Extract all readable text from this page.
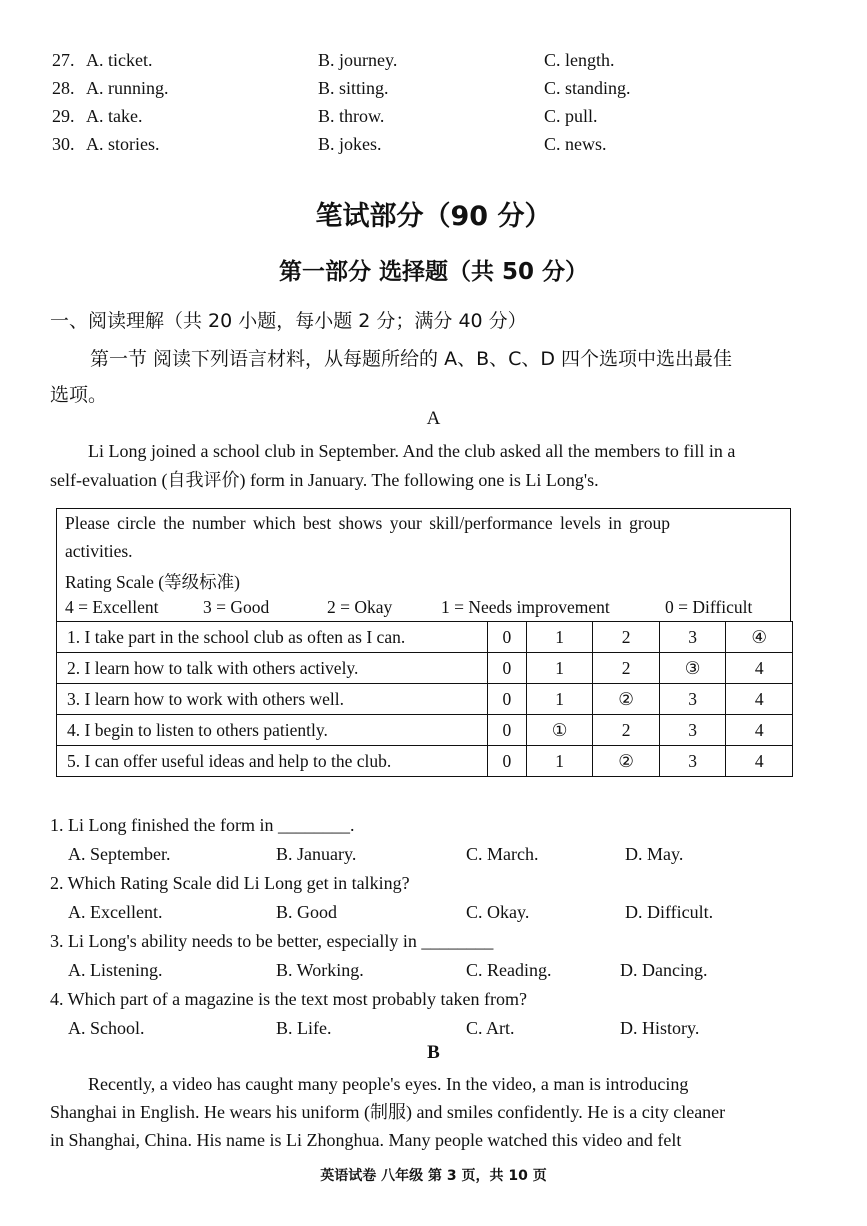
27. A. ticket.	B. journey.	C. length.
28. A. running.	B. sitting.	C. standing.
29. A. take.	B. throw.	C. pull.
30. A. stories.	B. jokes.	C. news.
笔试部分（90 分）
第一部分 选择题（共 50 分）
一、阅读理解（共 20 小题，每小题 2 分；满分 40 分）
第一节 阅读下列语言材料，从每题所给的 A、B、C、D 四个选项中选出最佳
选项。
A
Li Long joined a school club in September. And the club asked all the members to fill in a
self-evaluation (自我评价) form in January. The following one is Li Long's.
Please circle the number which best shows your skill/performance levels in group
activities.
Rating Scale (等级标准)
4 = Excellent	3 = Good	2 = Okay	1 = Needs improvement	0 = Difficult
1. I take part in the school club as often as I can.	0	1	2	3	④
2. I learn how to talk with others actively.	0	1	2	③	4
3. I learn how to work with others well.	0	1	②	3	4
4. I begin to listen to others patiently.	0	①	2	3	4
5. I can offer useful ideas and help to the club.	0	1	②	3	4
1. Li Long finished the form in ________.
A. September.	B. January.	C. March.	D. May.
2. Which Rating Scale did Li Long get in talking?
A. Excellent.	B. Good	C. Okay.	D. Difficult.
3. Li Long's ability needs to be better, especially in ________
A. Listening.	B. Working.	C. Reading.	D. Dancing.
4. Which part of a magazine is the text most probably taken from?
A. School.	B. Life.	C. Art.	D. History.
B
Recently, a video has caught many people's eyes. In the video, a man is introducing
Shanghai in English. He wears his uniform (制服) and smiles confidently. He is a city cleaner
in Shanghai, China. His name is Li Zhonghua. Many people watched this video and felt
英语试卷 八年级 第 3 页，共 10 页
